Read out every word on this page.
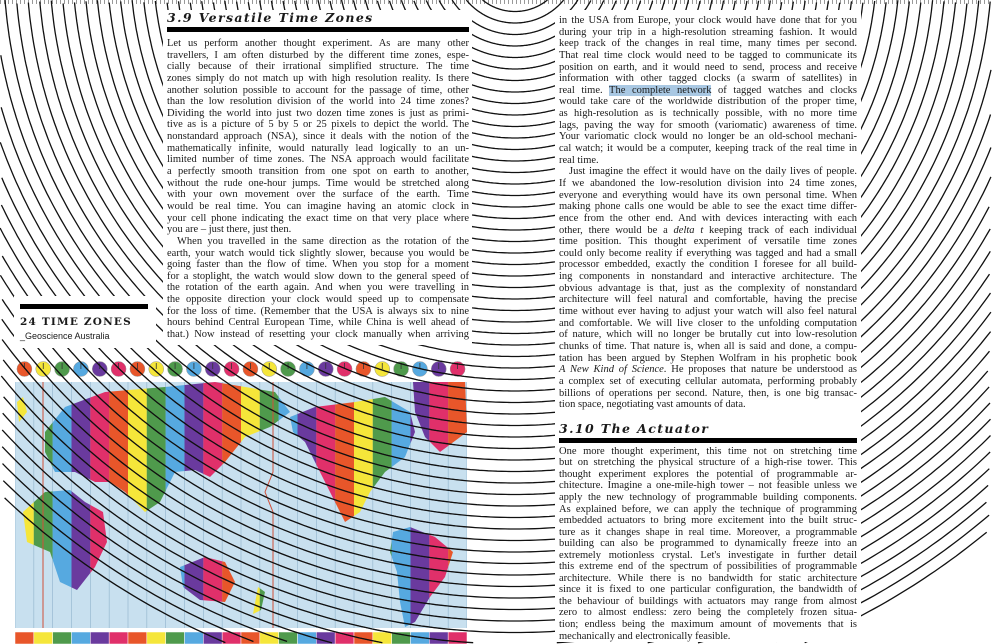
3.9 Versatile Time Zones
Let us perform another thought experiment. As are many other
travellers, I am often disturbed by the different time zones, espe-
cially because of their irrational simplified structure. The time
zones simply do not match up with high resolution reality. Is there
another solution possible to account for the passage of time, other
than the low resolution division of the world into 24 time zones?
Dividing the world into just two dozen time zones is just as primi-
tive as is a picture of 5 by 5 or 25 pixels to depict the world. The
nonstandard approach (NSA), since it deals with the notion of the
mathematically infinite, would naturally lead logically to an un-
limited number of time zones. The NSA approach would facilitate
a perfectly smooth transition from one spot on earth to another,
without the rude one-hour jumps. Time would be stretched along
with your own movement over the surface of the earth. Time
would be real time. You can imagine having an atomic clock in
your cell phone indicating the exact time on that very place where
you are – just there, just then.
When you travelled in the same direction as the rotation of the
earth, your watch would tick slightly slower, because you would be
going faster than the flow of time. When you stop for a moment
for a stoplight, the watch would slow down to the general speed of
the rotation of the earth again. And when you were travelling in
the opposite direction your clock would speed up to compensate
for the loss of time. (Remember that the USA is always six to nine
hours behind Central European Time, while China is well ahead of
that.) Now instead of resetting your clock manually when arriving
in the USA from Europe, your clock would have done that for you
during your trip in a high-resolution streaming fashion. It would
keep track of the changes in real time, many times per second.
That real time clock would need to be tagged to communicate its
position on earth, and it would need to send, process and receive
information with other tagged clocks (a swarm of satellites) in
real time. The complete network of tagged watches and clocks
would take care of the worldwide distribution of the proper time,
as high-resolution as is technically possible, with no more time
lags, paving the way for smooth (variomatic) awareness of time.
Your variomatic clock would no longer be an old-school mechani-
cal watch; it would be a computer, keeping track of the real time in
real time.
Just imagine the effect it would have on the daily lives of people.
If we abandoned the low-resolution division into 24 time zones,
everyone and everything would have its own personal time. When
making phone calls one would be able to see the exact time differ-
ence from the other end. And with devices interacting with each
other, there would be a delta t keeping track of each individual
time position. This thought experiment of versatile time zones
could only become reality if everything was tagged and had a small
processor embedded, exactly the condition I foresee for all build-
ing components in nonstandard and interactive architecture. The
obvious advantage is that, just as the complexity of nonstandard
architecture will feel natural and comfortable, having the precise
time without ever having to adjust your watch will also feel natural
and comfortable. We will live closer to the unfolding computation
of nature, which will no longer be brutally cut into low-resolution
chunks of time. That nature is, when all is said and done, a compu-
tation has been argued by Stephen Wolfram in his prophetic book
A New Kind of Science. He proposes that nature be understood as
a complex set of executing cellular automata, performing probably
billions of operations per second. Nature, then, is one big transac-
tion space, negotiating vast amounts of data.
3.10 The Actuator
One more thought experiment, this time not on stretching time
but on stretching the physical structure of a high-rise tower. This
thought experiment explores the potential of programmable ar-
chitecture. Imagine a one-mile-high tower – not feasible unless we
apply the new technology of programmable building components.
As explained before, we can apply the technique of programming
embedded actuators to bring more excitement into the built struc-
ture as it changes shape in real time. Moreover, a programmable
building can also be programmed to dynamically freeze into an
extremely motionless crystal. Let's investigate in further detail
this extreme end of the spectrum of possibilities of programmable
architecture. While there is no bandwidth for static architecture
since it is fixed to one particular configuration, the bandwidth of
the behaviour of buildings with actuators may range from almost
zero to almost endless: zero being the completely frozen situa-
tion; endless being the maximum amount of movements that is
mechanically and electronically feasible.
24 TIME ZONES
_Geoscience Australia
